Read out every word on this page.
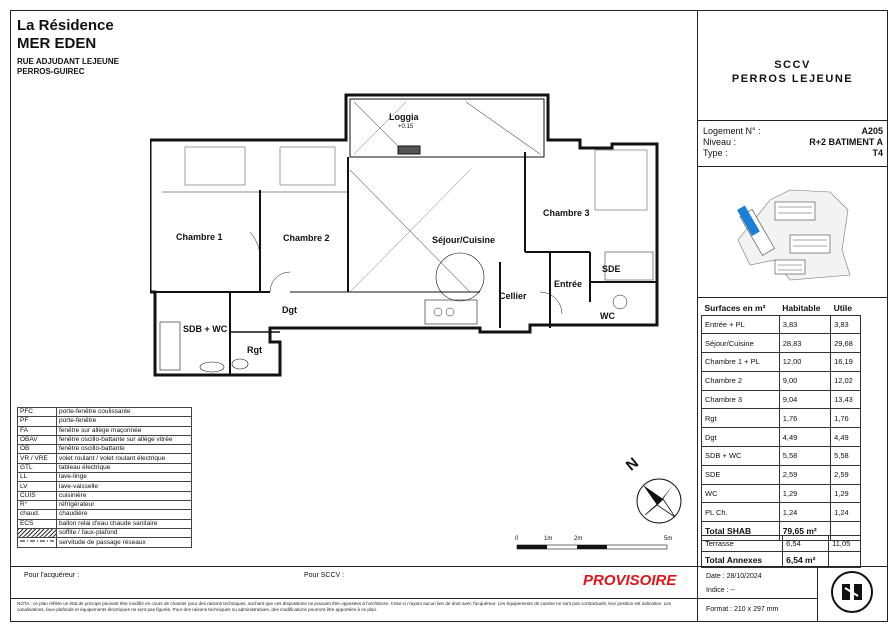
La Résidence
MER EDEN
RUE ADJUDANT LEJEUNE
PERROS-GUIREC
SCCV
PERROS LEJEUNE
Logement N° :	A205
Niveau :	R+2 BATIMENT A
Type :	T4
Surfaces en m²	Habitable	Utile
Entrée + PL	3,83	3,83
Séjour/Cuisine	28,83	29,68
Chambre 1 + PL	12,00	16,19
Chambre 2	9,00	12,02
Chambre 3	9,04	13,43
Rgt	1,76	1,76
Dgt	4,49	4,49
SDB + WC	5,58	5,58
SDE	2,59	2,59
WC	1,29	1,29
PL Ch.	1,24	1,24
Total SHAB	79,65 m²	
Terrasse	6,54	11,05
Total Annexes	6,54 m²	
Loggia
+0.15
Chambre 1	Chambre 2
Chambre 3
Séjour/Cuisine
Dgt
SDB + WC
Rgt
Cellier
Entrée
SDE
WC
PFC	porte-fenêtre coulissante
PF	porte-fenêtre
FA	fenêtre sur allège maçonnée
OBAV	fenêtre oscillo-battante sur allège vitrée
OB	fenêtre oscillo-battante
VR / VRE	volet roulant / volet roulant électrique
GTL	tableau électrique
LL	lave-linge
LV	lave-vaisselle
CUIS	cuisinière
R°	réfrigérateur
chaud.	chaudière
ECS	ballon relai d'eau chaude sanitaire
	soffite / faux-plafond
	servitude de passage réseaux
N
0	1m	2m	5m
Pour l'acquéreur :	Pour SCCV :	PROVISOIRE
NOTA : ce plan reflète un état de principe pouvant être modifié en cours de chantier pour des raisons techniques, sachant que ces dispositions ne pouvant être opposées à l'architecte. Celui-ci n'ayant aucun lien de droit avec l'acquéreur. Les équipements de cuisine ne sont pas contractuels, leur position est indicative. Les canalisations, faux-plafonds et équipements électriques ne sont pas figurés. Pour des raisons techniques ou administratives, des modifications pourront être apportées à ce plan.
Date : 28/10/2024
Indice : --
Format : 210 x 297 mm
